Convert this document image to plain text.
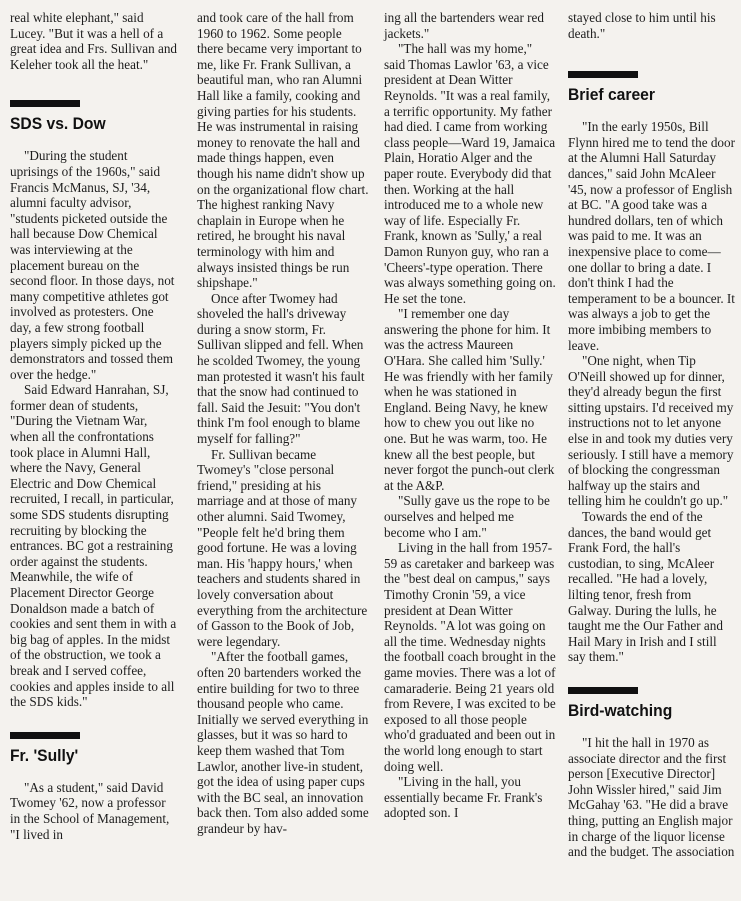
real white elephant," said Lucey. "But it was a hell of a great idea and Frs. Sullivan and Keleher took all the heat."

SDS vs. Dow

"During the student uprisings of the 1960s," said Francis McManus, SJ, '34, alumni faculty advisor, "students picketed outside the hall because Dow Chemical was interviewing at the placement bureau on the second floor. In those days, not many competitive athletes got involved as protesters. One day, a few strong football players simply picked up the demonstrators and tossed them over the hedge."

Said Edward Hanrahan, SJ, former dean of students, "During the Vietnam War, when all the confrontations took place in Alumni Hall, where the Navy, General Electric and Dow Chemical recruited, I recall, in particular, some SDS students disrupting recruiting by blocking the entrances. BC got a restraining order against the students. Meanwhile, the wife of Placement Director George Donaldson made a batch of cookies and sent them in with a big bag of apples. In the midst of the obstruction, we took a break and I served coffee, cookies and apples inside to all the SDS kids."

Fr. 'Sully'

"As a student," said David Twomey '62, now a professor in the School of Management, "I lived in

and took care of the hall from 1960 to 1962. Some people there became very important to me, like Fr. Frank Sullivan, a beautiful man, who ran Alumni Hall like a family, cooking and giving parties for his students. He was instrumental in raising money to renovate the hall and made things happen, even though his name didn't show up on the organizational flow chart. The highest ranking Navy chaplain in Europe when he retired, he brought his naval terminology with him and always insisted things be run shipshape."

Once after Twomey had shoveled the hall's driveway during a snow storm, Fr. Sullivan slipped and fell. When he scolded Twomey, the young man protested it wasn't his fault that the snow had continued to fall. Said the Jesuit: "You don't think I'm fool enough to blame myself for falling?"

Fr. Sullivan became Twomey's "close personal friend," presiding at his marriage and at those of many other alumni. Said Twomey, "People felt he'd bring them good fortune. He was a loving man. His 'happy hours,' when teachers and students shared in lovely conversation about everything from the architecture of Gasson to the Book of Job, were legendary.

"After the football games, often 20 bartenders worked the entire building for two to three thousand people who came. Initially we served everything in glasses, but it was so hard to keep them washed that Tom Lawlor, another live-in student, got the idea of using paper cups with the BC seal, an innovation back then. Tom also added some grandeur by hav-

ing all the bartenders wear red jackets."

"The hall was my home," said Thomas Lawlor '63, a vice president at Dean Witter Reynolds. "It was a real family, a terrific opportunity. My father had died. I came from working class people—Ward 19, Jamaica Plain, Horatio Alger and the paper route. Everybody did that then. Working at the hall introduced me to a whole new way of life. Especially Fr. Frank, known as 'Sully,' a real Damon Runyon guy, who ran a 'Cheers'-type operation. There was always something going on. He set the tone.

"I remember one day answering the phone for him. It was the actress Maureen O'Hara. She called him 'Sully.' He was friendly with her family when he was stationed in England. Being Navy, he knew how to chew you out like no one. But he was warm, too. He knew all the best people, but never forgot the punch-out clerk at the A&P.

"Sully gave us the rope to be ourselves and helped me become who I am."

Living in the hall from 1957-59 as caretaker and barkeep was the "best deal on campus," says Timothy Cronin '59, a vice president at Dean Witter Reynolds. "A lot was going on all the time. Wednesday nights the football coach brought in the game movies. There was a lot of camaraderie. Being 21 years old from Revere, I was excited to be exposed to all those people who'd graduated and been out in the world long enough to start doing well.

"Living in the hall, you essentially became Fr. Frank's adopted son. I

stayed close to him until his death."

Brief career

"In the early 1950s, Bill Flynn hired me to tend the door at the Alumni Hall Saturday dances," said John McAleer '45, now a professor of English at BC. "A good take was a hundred dollars, ten of which was paid to me. It was an inexpensive place to come—one dollar to bring a date. I don't think I had the temperament to be a bouncer. It was always a job to get the more imbibing members to leave.

"One night, when Tip O'Neill showed up for dinner, they'd already begun the first sitting upstairs. I'd received my instructions not to let anyone else in and took my duties very seriously. I still have a memory of blocking the congressman halfway up the stairs and telling him he couldn't go up."

Towards the end of the dances, the band would get Frank Ford, the hall's custodian, to sing, McAleer recalled. "He had a lovely, lilting tenor, fresh from Galway. During the lulls, he taught me the Our Father and Hail Mary in Irish and I still say them."

Bird-watching

"I hit the hall in 1970 as associate director and the first person [Executive Director] John Wissler hired," said Jim McGahay '63. "He did a brave thing, putting an English major in charge of the liquor license and the budget. The association
